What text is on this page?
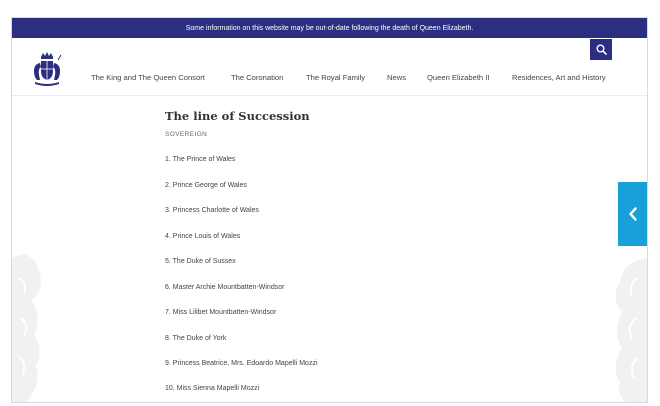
Some information on this website may be out-of-date following the death of Queen Elizabeth.
The King and The Queen Consort	The Coronation	The Royal Family	News	Queen Elizabeth II	Residences, Art and History
The line of Succession
SOVEREIGN
1. The Prince of Wales
2. Prince George of Wales
3. Princess Charlotte of Wales
4. Prince Louis of Wales
5. The Duke of Sussex
6. Master Archie Mountbatten-Windsor
7. Miss Lilibet Mountbatten-Windsor
8. The Duke of York
9. Princess Beatrice, Mrs. Edoardo Mapelli Mozzi
10. Miss Sienna Mapelli Mozzi
